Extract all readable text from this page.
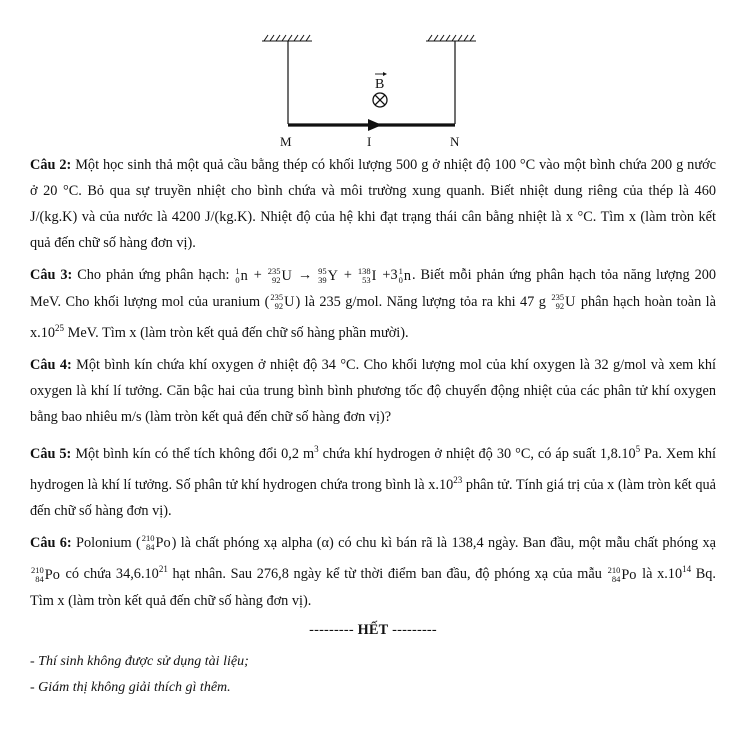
B
M	I	N

Câu 2: Một học sinh thả một quả cầu bằng thép có khối lượng 500 g ở nhiệt độ 100 °C vào một bình chứa 200 g nước ở 20 °C. Bỏ qua sự truyền nhiệt cho bình chứa và môi trường xung quanh. Biết nhiệt dung riêng của thép là 460 J/(kg.K) và của nước là 4200 J/(kg.K). Nhiệt độ của hệ khi đạt trạng thái cân bằng nhiệt là x °C. Tìm x (làm tròn kết quả đến chữ số hàng đơn vị).

Câu 3: Cho phản ứng phân hạch: 1
0 n + 235
92 U → 95
39 Y + 138
53 I +3 1
0 n . Biết mỗi phản ứng phân hạch tỏa năng lượng 200 MeV. Cho khối lượng mol của uranium ( 235
92 U ) là 235 g/mol. Năng lượng tỏa ra khi 47 g 235
92 U phân hạch hoàn toàn là $x.10^{25}$ MeV. Tìm x (làm tròn kết quả đến chữ số hàng phần mười).

Câu 4: Một bình kín chứa khí oxygen ở nhiệt độ 34 °C. Cho khối lượng mol của khí oxygen là 32 g/mol và xem khí oxygen là khí lí tưởng. Căn bậc hai của trung bình bình phương tốc độ chuyển động nhiệt của các phân tử khí oxygen bằng bao nhiêu m/s (làm tròn kết quả đến chữ số hàng đơn vị)?

Câu 5: Một bình kín có thể tích không đổi 0,2 $m^3$ chứa khí hydrogen ở nhiệt độ 30 °C, có áp suất 1,8.10$^5$ Pa. Xem khí hydrogen là khí lí tưởng. Số phân tử khí hydrogen chứa trong bình là $x.10^{23}$ phân tử. Tính giá trị của x (làm tròn kết quả đến chữ số hàng đơn vị).

Câu 6: Polonium ( 210
84 Po ) là chất phóng xạ alpha (α) có chu kì bán rã là 138,4 ngày. Ban đầu, một mẫu chất phóng xạ
210
84 Po có chứa 34,6.10$^{21}$ hạt nhân. Sau 276,8 ngày kể từ thời điểm ban đầu, độ phóng xạ của mẫu 210
84 Po là $x.10^{14}$ Bq. Tìm x (làm tròn kết quả đến chữ số hàng đơn vị).

--------- HẾT ---------

- Thí sinh không được sử dụng tài liệu;

- Giám thị không giải thích gì thêm.
